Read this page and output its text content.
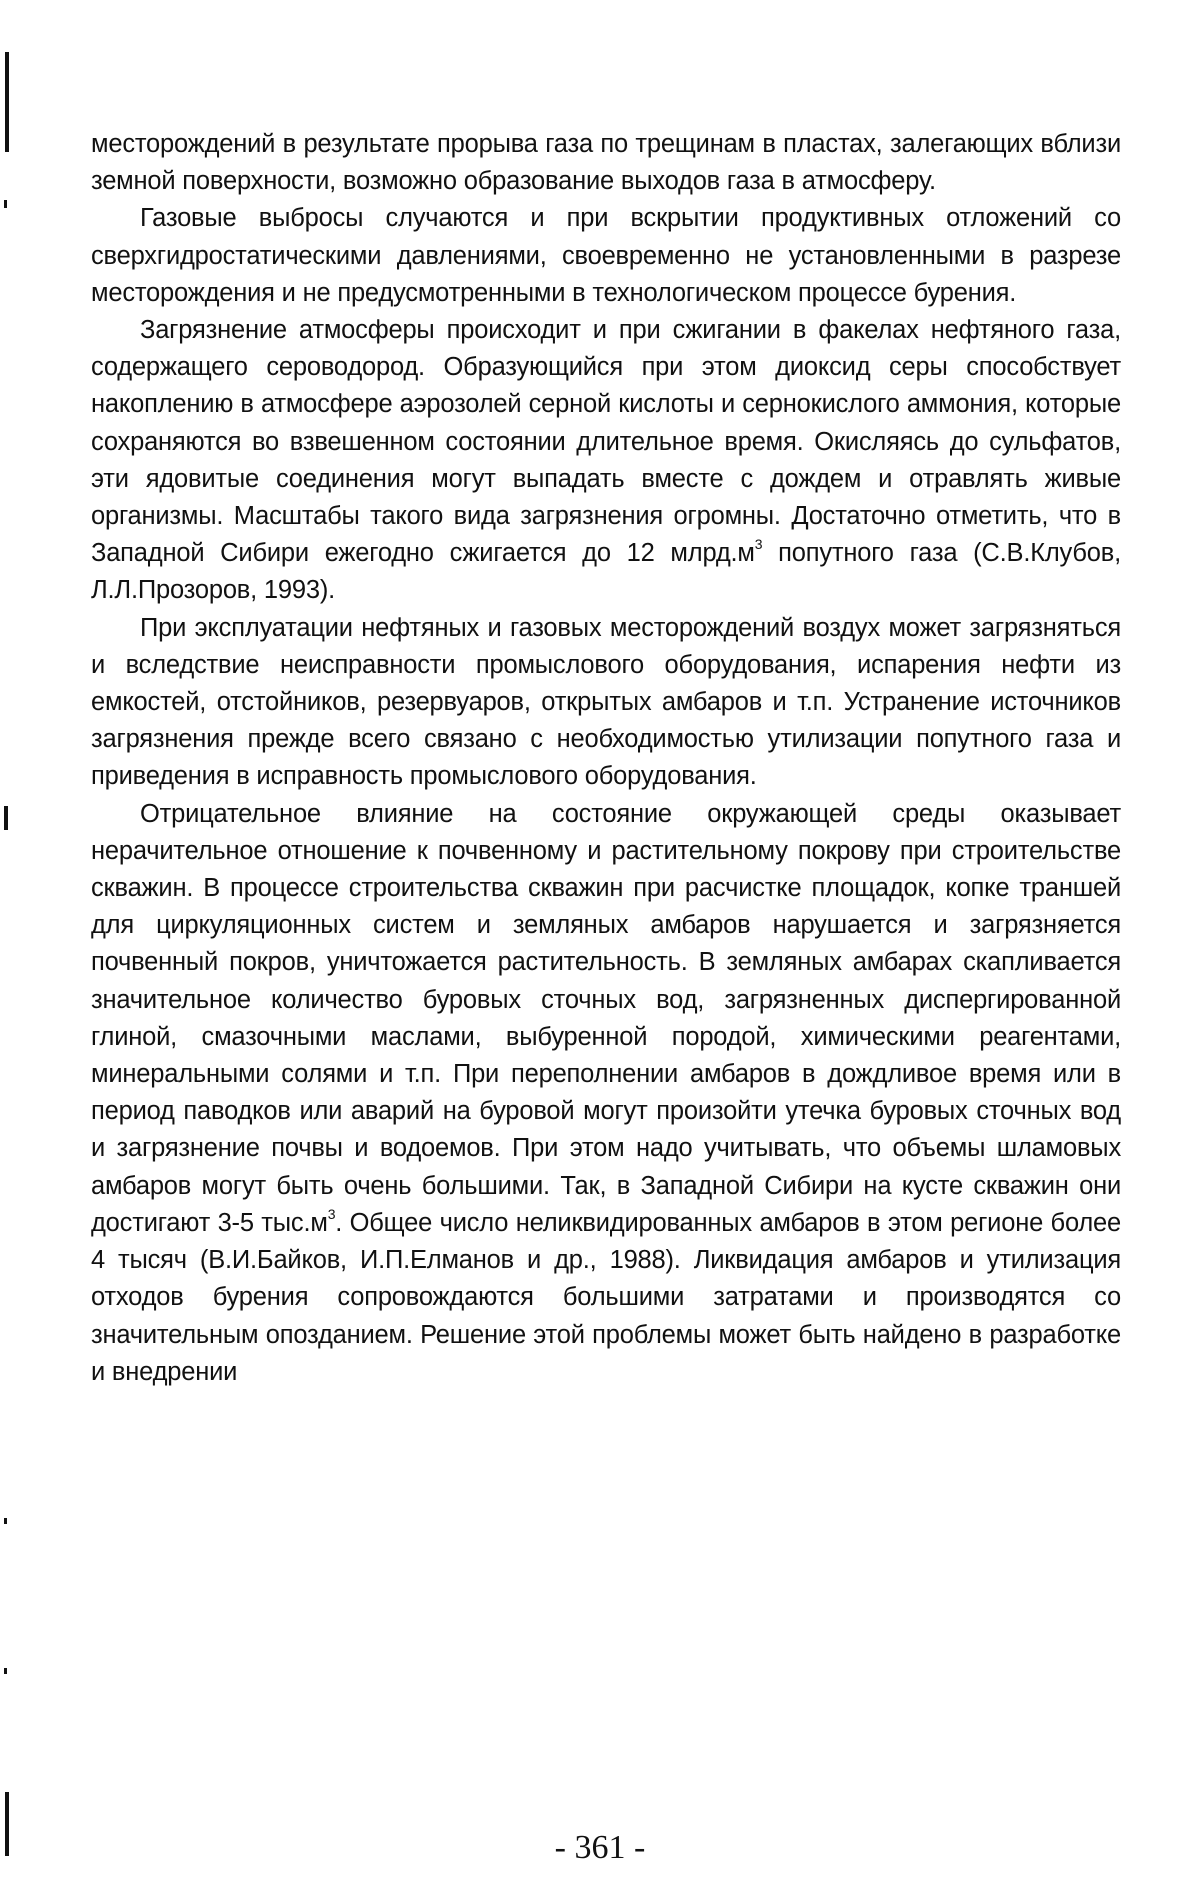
месторождений в результате прорыва газа по трещинам в пластах, залегающих вблизи земной поверхности, возможно образование выходов газа в атмосферу.

Газовые выбросы случаются и при вскрытии продуктивных отложений со сверхгидростатическими давлениями, своевременно не установленными в разрезе месторождения и не предусмотренными в технологическом процессе бурения.

Загрязнение атмосферы происходит и при сжигании в факелах нефтяного газа, содержащего сероводород. Образующийся при этом диоксид серы способствует накоплению в атмосфере аэрозолей серной кислоты и сернокислого аммония, которые сохраняются во взвешенном состоянии длительное время. Окисляясь до сульфатов, эти ядовитые соединения могут выпадать вместе с дождем и отравлять живые организмы. Масштабы такого вида загрязнения огромны. Достаточно отметить, что в Западной Сибири ежегодно сжигается до 12 $млрд.м^3$ попутного газа (С.В.Клубов, Л.Л.Прозоров, 1993).

При эксплуатации нефтяных и газовых месторождений воздух может загрязняться и вследствие неисправности промыслового оборудования, испарения нефти из емкостей, отстойников, резервуаров, открытых амбаров и т.п. Устранение источников загрязнения прежде всего связано с необходимостью утилизации попутного газа и приведения в исправность промыслового оборудования.

Отрицательное влияние на состояние окружающей среды оказывает нерачительное отношение к почвенному и растительному покрову при строительстве скважин. В процессе строительства скважин при расчистке площадок, копке траншей для циркуляционных систем и земляных амбаров нарушается и загрязняется почвенный покров, уничтожается растительность. В земляных амбарах скапливается значительное количество буровых сточных вод, загрязненных диспергированной глиной, смазочными маслами, выбуренной породой, химическими реагентами, минеральными солями и т.п. При переполнении амбаров в дождливое время или в период паводков или аварий на буровой могут произойти утечка буровых сточных вод и загрязнение почвы и водоемов. При этом надо учитывать, что объемы шламовых амбаров могут быть очень большими. Так, в Западной Сибири на кусте скважин они достигают 3-5 $тыс.м^3$. Общее число неликвидированных амбаров в этом регионе более 4 тысяч (В.И.Байков, И.П.Елманов и др., 1988). Ликвидация амбаров и утилизация отходов бурения сопровождаются большими затратами и производятся со значительным опозданием. Решение этой проблемы может быть найдено в разработке и внедрении

- 361 -
